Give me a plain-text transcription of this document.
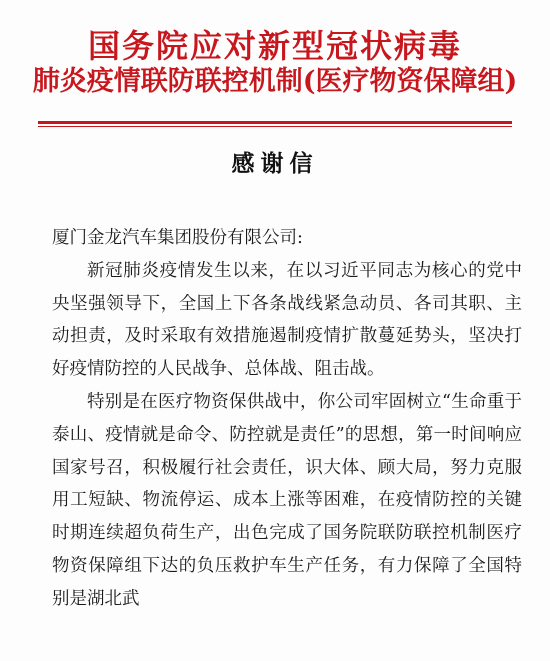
国务院应对新型冠状病毒
肺炎疫情联防联控机制(医疗物资保障组)
感谢信

厦门金龙汽车集团股份有限公司:

新冠肺炎疫情发生以来，在以习近平同志为核心的党中央坚强领导下，全国上下各条战线紧急动员、各司其职、主动担责，及时采取有效措施遏制疫情扩散蔓延势头，坚决打好疫情防控的人民战争、总体战、阻击战。

特别是在医疗物资保供战中，你公司牢固树立“生命重于泰山、疫情就是命令、防控就是责任”的思想，第一时间响应国家号召，积极履行社会责任，识大体、顾大局，努力克服用工短缺、物流停运、成本上涨等困难，在疫情防控的关键时期连续超负荷生产，出色完成了国务院联防联控机制医疗物资保障组下达的负压救护车生产任务，有力保障了全国特别是湖北武
